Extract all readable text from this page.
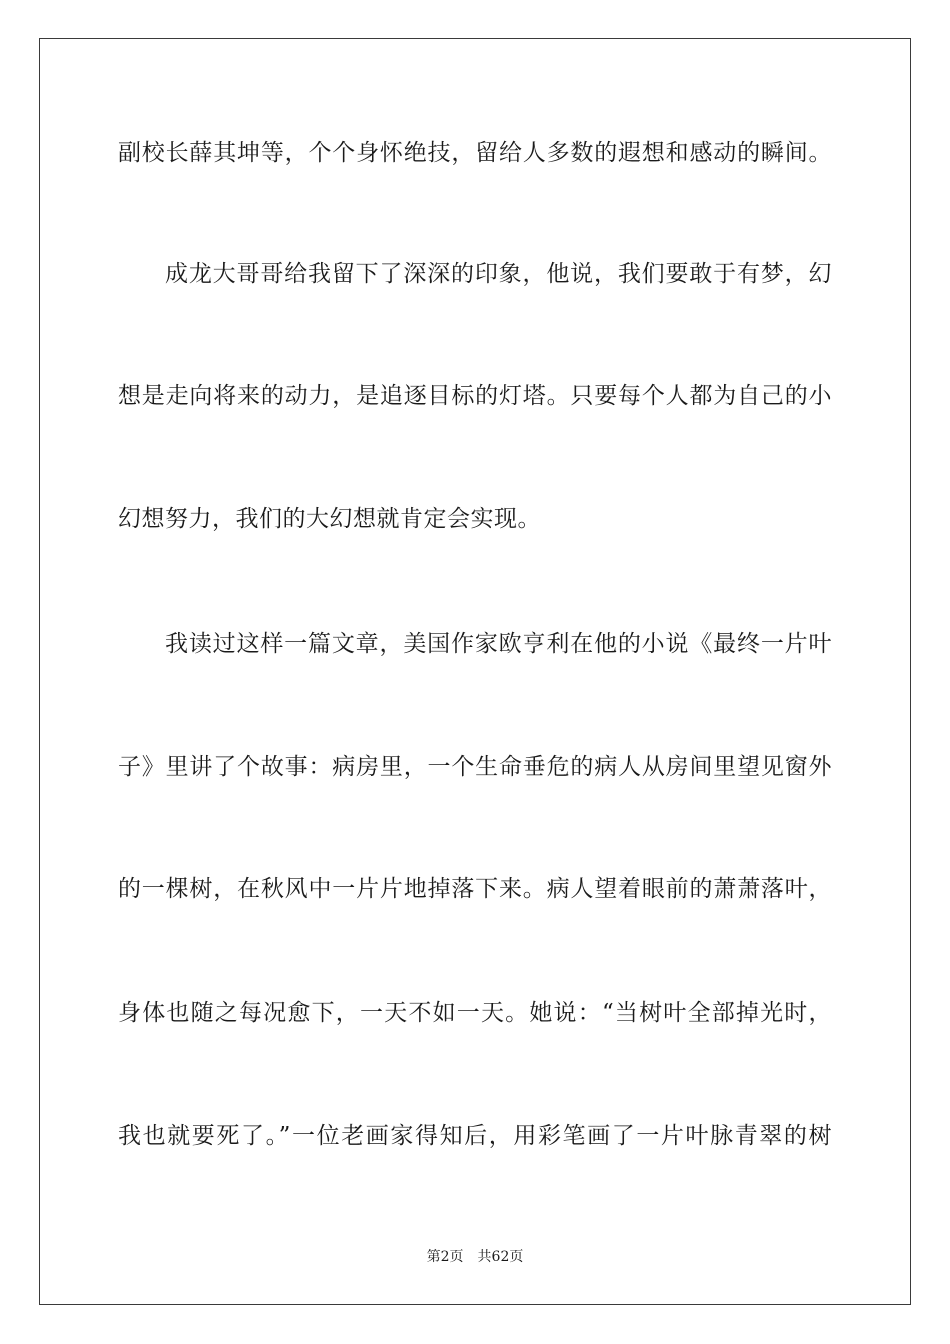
副校长薛其坤等，个个身怀绝技，留给人多数的遐想和感动的瞬间。
成龙大哥哥给我留下了深深的印象，他说，我们要敢于有梦，幻
想是走向将来的动力，是追逐目标的灯塔。只要每个人都为自己的小
幻想努力，我们的大幻想就肯定会实现。
我读过这样一篇文章，美国作家欧亨利在他的小说《最终一片叶
子》里讲了个故事：病房里，一个生命垂危的病人从房间里望见窗外
的一棵树，在秋风中一片片地掉落下来。病人望着眼前的萧萧落叶，
身体也随之每况愈下，一天不如一天。她说：“当树叶全部掉光时，
我也就要死了。”一位老画家得知后，用彩笔画了一片叶脉青翠的树
第2页 共62页
